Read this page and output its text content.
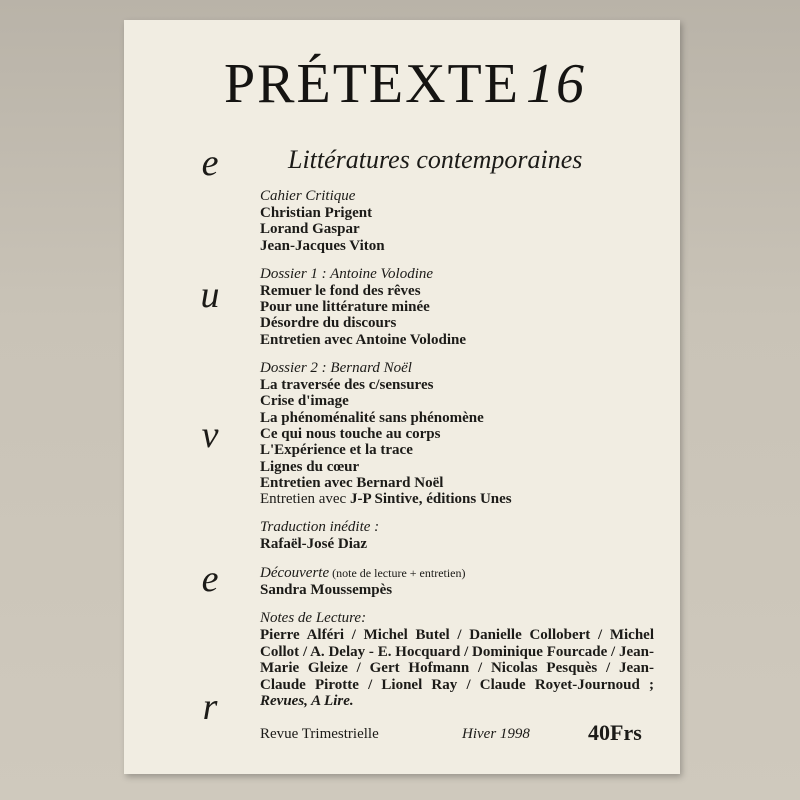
PRÉTEXTE 16
Littératures contemporaines
e
u
v
e
r
Cahier Critique
Christian Prigent
Lorand Gaspar
Jean-Jacques Viton
Dossier 1 : Antoine Volodine
Remuer le fond des rêves
Pour une littérature minée
Désordre du discours
Entretien avec Antoine Volodine
Dossier 2 : Bernard Noël
La traversée des c/sensures
Crise d'image
La phénoménalité sans phénomène
Ce qui nous touche au corps
L'Expérience et la trace
Lignes du cœur
Entretien avec Bernard Noël
Entretien avec J-P Sintive, éditions Unes
Traduction inédite :
Rafaël-José Diaz
Découverte (note de lecture + entretien)
Sandra Moussempès
Notes de Lecture:
Pierre Alféri / Michel Butel / Danielle Collobert / Michel Collot / A. Delay - E. Hocquard / Dominique Fourcade / Jean-Marie Gleize / Gert Hofmann / Nicolas Pesquès / Jean-Claude Pirotte / Lionel Ray / Claude Royet-Journoud ; Revues, A Lire.
Revue Trimestrielle	Hiver 1998	40Frs
